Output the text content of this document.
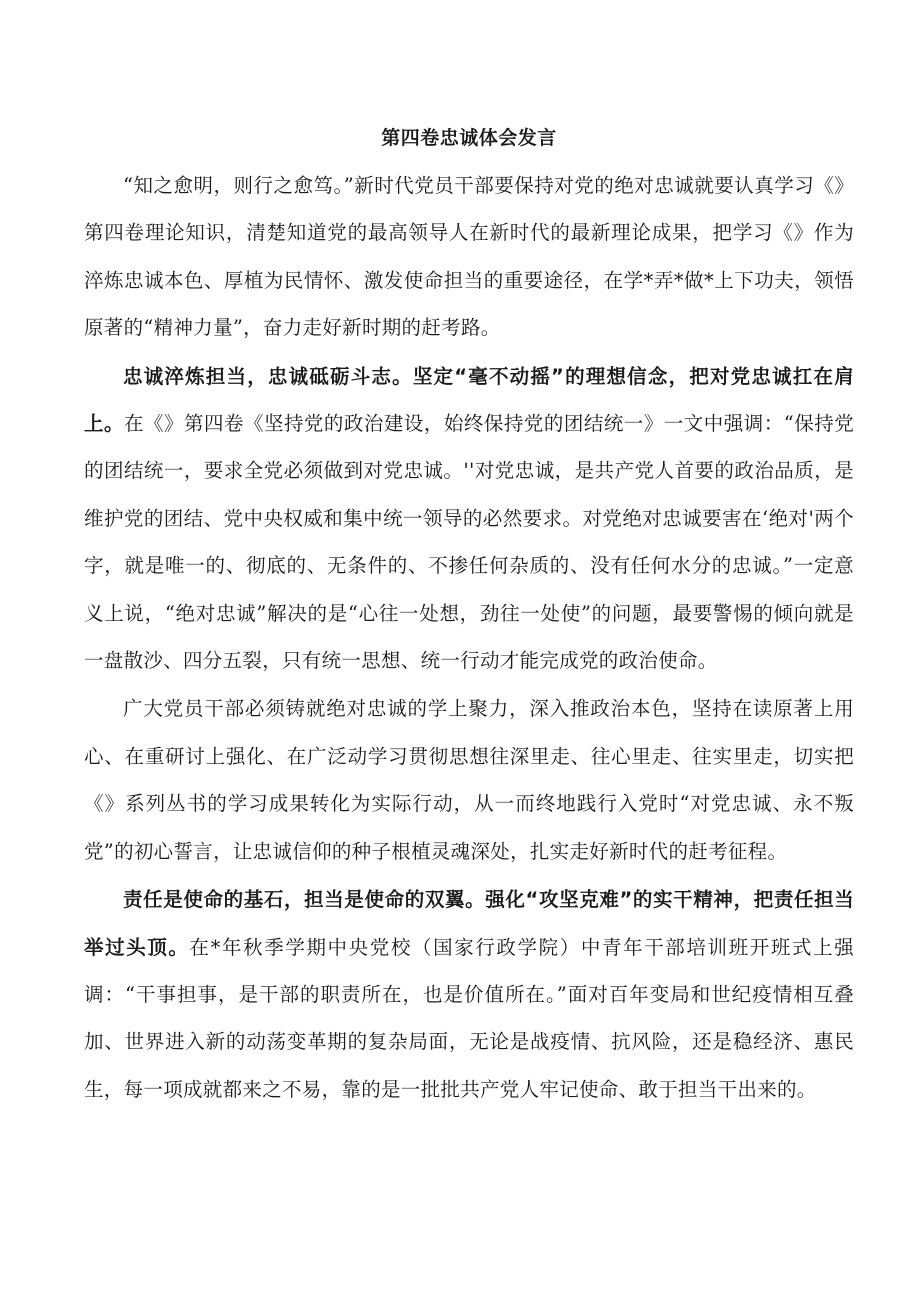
第四卷忠诚体会发言

“知之愈明，则行之愈笃。”新时代党员干部要保持对党的绝对忠诚就要认真学习《》第四卷理论知识，清楚知道党的最高领导人在新时代的最新理论成果，把学习《》作为淬炼忠诚本色、厚植为民情怀、激发使命担当的重要途径，在学*弄*做*上下功夫，领悟原著的“精神力量”，奋力走好新时期的赶考路。

忠诚淬炼担当，忠诚砥砺斗志。坚定“毫不动摇”的理想信念，把对党忠诚扛在肩上。在《》第四卷《坚持党的政治建设，始终保持党的团结统一》一文中强调：“保持党的团结统一，要求全党必须做到对党忠诚。''对党忠诚，是共产党人首要的政治品质，是维护党的团结、党中央权威和集中统一领导的必然要求。对党绝对忠诚要害在‘绝对'两个字，就是唯一的、彻底的、无条件的、不掺任何杂质的、没有任何水分的忠诚。”一定意义上说，“绝对忠诚”解决的是“心往一处想，劲往一处使”的问题，最要警惕的倾向就是一盘散沙、四分五裂，只有统一思想、统一行动才能完成党的政治使命。

广大党员干部必须铸就绝对忠诚的学上聚力，深入推政治本色，坚持在读原著上用心、在重研讨上强化、在广泛动学习贯彻思想往深里走、往心里走、往实里走，切实把《》系列丛书的学习成果转化为实际行动，从一而终地践行入党时“对党忠诚、永不叛党”的初心誓言，让忠诚信仰的种子根植灵魂深处，扎实走好新时代的赶考征程。

责任是使命的基石，担当是使命的双翼。强化“攻坚克难”的实干精神，把责任担当举过头顶。在*年秋季学期中央党校（国家行政学院）中青年干部培训班开班式上强调：“干事担事，是干部的职责所在，也是价值所在。”面对百年变局和世纪疫情相互叠加、世界进入新的动荡变革期的复杂局面，无论是战疫情、抗风险，还是稳经济、惠民生，每一项成就都来之不易，靠的是一批批共产党人牢记使命、敢于担当干出来的。
